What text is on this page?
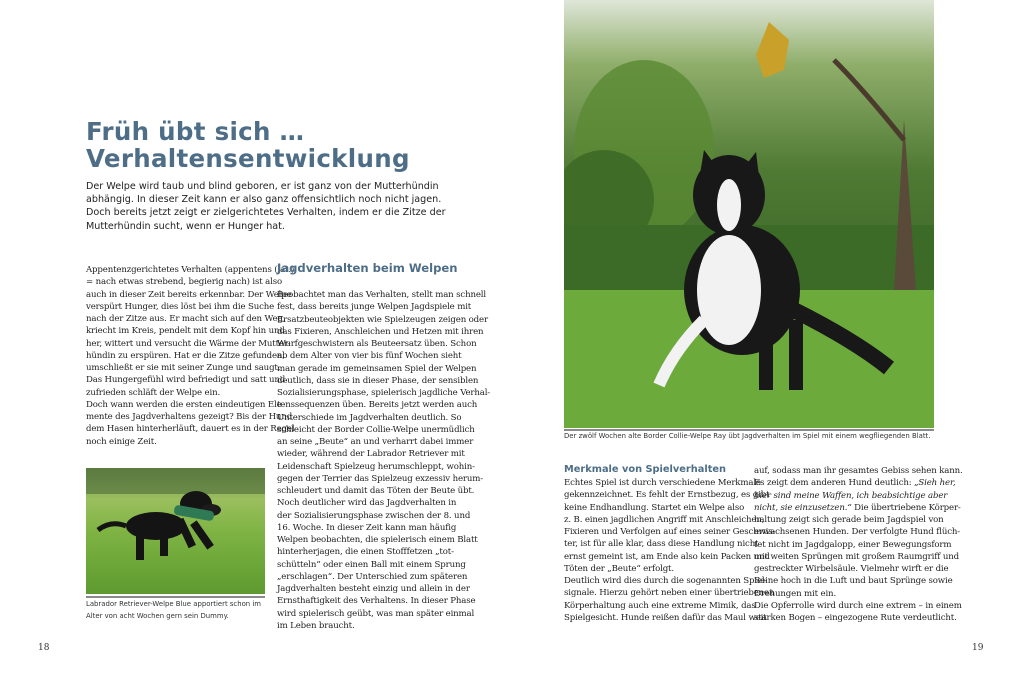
Früh übt sich …
Verhaltensentwicklung
Der Welpe wird taub und blind geboren, er ist ganz von der Mutterhündin abhängig. In dieser Zeit kann er also ganz offensichtlich noch nicht jagen. Doch bereits jetzt zeigt er zielgerichtetes Verhalten, indem er die Zitze der Mutterhündin sucht, wenn er Hunger hat.
Appentenzgerichtetes Verhalten (appentens (lat.)
= nach etwas strebend, begierig nach) ist also
auch in dieser Zeit bereits erkennbar. Der Welpe
verspürt Hunger, dies löst bei ihm die Suche
nach der Zitze aus. Er macht sich auf den Weg,
kriecht im Kreis, pendelt mit dem Kopf hin und
her, wittert und versucht die Wärme der Mutter-
hündin zu erspüren. Hat er die Zitze gefunden,
umschließt er sie mit seiner Zunge und saugt.
Das Hungergefühl wird befriedigt und satt und
zufrieden schläft der Welpe ein.
Doch wann werden die ersten eindeutigen Ele-
mente des Jagdverhaltens gezeigt? Bis der Hund
dem Hasen hinterherläuft, dauert es in der Regel
noch einige Zeit.
Jagdverhalten beim Welpen
Beobachtet man das Verhalten, stellt man schnell
fest, dass bereits junge Welpen Jagdspiele mit
Ersatzbeuteobjekten wie Spielzeugen zeigen oder
das Fixieren, Anschleichen und Hetzen mit ihren
Wurfgeschwistern als Beuteersatz üben. Schon
ab dem Alter von vier bis fünf Wochen sieht
man gerade im gemeinsamen Spiel der Welpen
deutlich, dass sie in dieser Phase, der sensiblen
Sozialisierungsphase, spielerisch jagdliche Verhal-
tenssequenzen üben. Bereits jetzt werden auch
Unterschiede im Jagdverhalten deutlich. So
schleicht der Border Collie-Welpe unermüdlich
an seine „Beute“ an und verharrt dabei immer
wieder, während der Labrador Retriever mit
Leidenschaft Spielzeug herumschleppt, wohin-
gegen der Terrier das Spielzeug exzessiv herum-
schleudert und damit das Töten der Beute übt.
Noch deutlicher wird das Jagdverhalten in
der Sozialisierungsphase zwischen der 8. und
16. Woche. In dieser Zeit kann man häufig
Welpen beobachten, die spielerisch einem Blatt
hinterherjagen, die einen Stofffetzen „tot-
schütteln“ oder einen Ball mit einem Sprung
„erschlagen“. Der Unterschied zum späteren
Jagdverhalten besteht einzig und allein in der
Ernsthaftigkeit des Verhaltens. In dieser Phase
wird spielerisch geübt, was man später einmal
im Leben braucht.
Labrador Retriever-Welpe Blue apportiert schon im
Alter von acht Wochen gern sein Dummy.
Der zwölf Wochen alte Border Collie-Welpe Ray übt Jagdverhalten im Spiel mit einem wegfliegenden Blatt.
Merkmale von Spielverhalten
Echtes Spiel ist durch verschiedene Merkmale
gekennzeichnet. Es fehlt der Ernstbezug, es gibt
keine Endhandlung. Startet ein Welpe also
z. B. einen jagdlichen Angriff mit Anschleichen,
Fixieren und Verfolgen auf eines seiner Geschwis-
ter, ist für alle klar, dass diese Handlung nicht
ernst gemeint ist, am Ende also kein Packen und
Töten der „Beute“ erfolgt.
Deutlich wird dies durch die sogenannten Spiel-
signale. Hierzu gehört neben einer übertriebenen
Körperhaltung auch eine extreme Mimik, das
Spielgesicht. Hunde reißen dafür das Maul weit
auf, sodass man ihr gesamtes Gebiss sehen kann.
Es zeigt dem anderen Hund deutlich: „Sieh her,
hier sind meine Waffen, ich beabsichtige aber
nicht, sie einzusetzen.“ Die übertriebene Körper-
haltung zeigt sich gerade beim Jagdspiel von
erwachsenen Hunden. Der verfolgte Hund flüch-
tet nicht im Jagdgalopp, einer Bewegungsform
mit weiten Sprüngen mit großem Raumgriff und
gestreckter Wirbelsäule. Vielmehr wirft er die
Beine hoch in die Luft und baut Sprünge sowie
Drehungen mit ein.
Die Opferrolle wird durch eine extrem – in einem
starken Bogen – eingezogene Rute verdeutlicht.
18	19
